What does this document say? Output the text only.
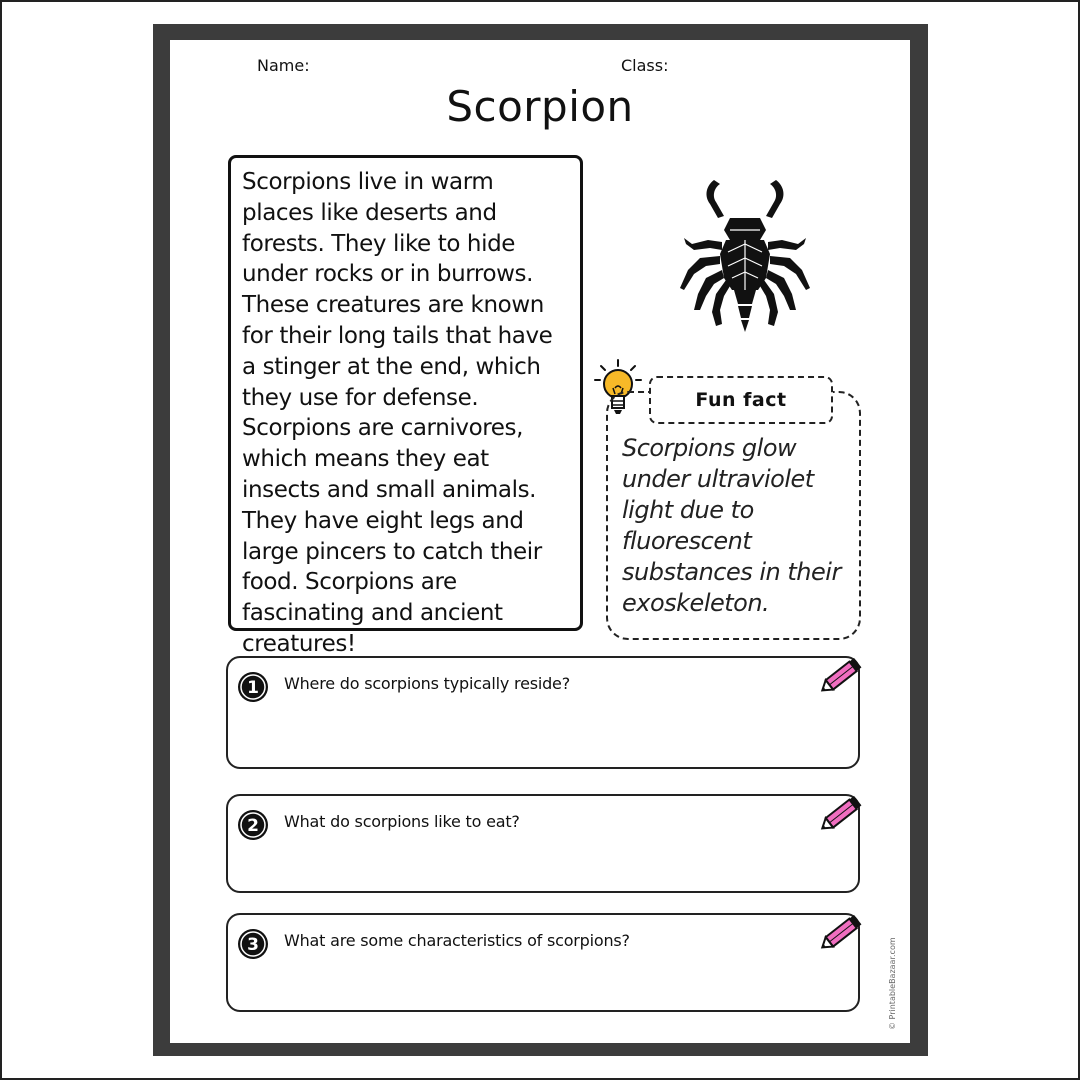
Name:	Class:
Scorpion

Scorpions live in warm places like deserts and forests. They like to hide under rocks or in burrows. These creatures are known for their long tails that have a stinger at the end, which they use for defense. Scorpions are carnivores, which means they eat insects and small animals. They have eight legs and large pincers to catch their food. Scorpions are fascinating and ancient creatures!

Fun fact
Scorpions glow under ultraviolet light due to fluorescent substances in their exoskeleton.
1 Where do scorpions typically reside?
2 What do scorpions like to eat?
3 What are some characteristics of scorpions?	© PrintableBazaar.com
